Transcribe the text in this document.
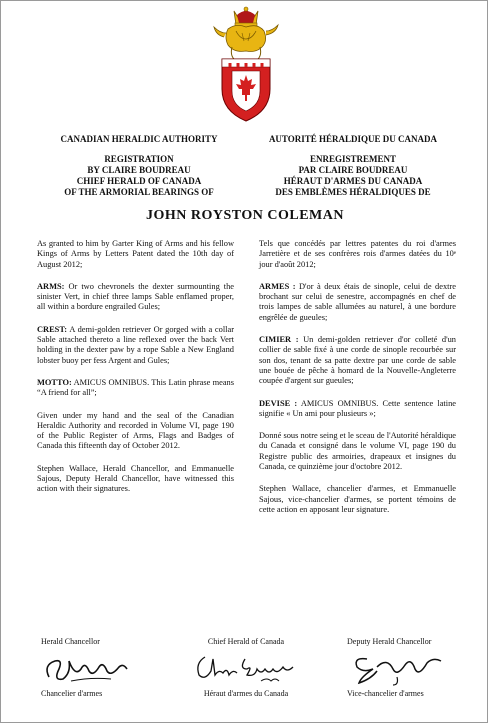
CANADIAN HERALDIC AUTHORITY
REGISTRATION
BY CLAIRE BOUDREAU
CHIEF HERALD OF CANADA
OF THE ARMORIAL BEARINGS OF
AUTORITÉ HÉRALDIQUE DU CANADA
ENREGISTREMENT
PAR CLAIRE BOUDREAU
HÉRAUT D'ARMES DU CANADA
DES EMBLÈMES HÉRALDIQUES DE
JOHN ROYSTON COLEMAN

As granted to him by Garter King of Arms and his fellow Kings of Arms by Letters Patent dated the 10th day of August 2012;

ARMS: Or two chevronels the dexter surmounting the sinister Vert, in chief three lamps Sable enflamed proper, all within a bordure engrailed Gules;

CREST: A demi-golden retriever Or gorged with a collar Sable attached thereto a line reflexed over the back Vert holding in the dexter paw by a rope Sable a New England lobster buoy per fess Argent and Gules;

MOTTO: AMICUS OMNIBUS. This Latin phrase means “A friend for all”;

Given under my hand and the seal of the Canadian Heraldic Authority and recorded in Volume VI, page 190 of the Public Register of Arms, Flags and Badges of Canada this fifteenth day of October 2012.

Stephen Wallace, Herald Chancellor, and Emmanuelle Sajous, Deputy Herald Chancellor, have witnessed this action with their signatures.

Tels que concédés par lettres patentes du roi d'armes Jarretière et de ses confrères rois d'armes datées du 10ᵉ jour d'août 2012;

ARMES : D'or à deux étais de sinople, celui de dextre brochant sur celui de senestre, accompagnés en chef de trois lampes de sable allumées au naturel, à une bordure engrêlée de gueules;

CIMIER : Un demi-golden retriever d'or colleté d'un collier de sable fixé à une corde de sinople recourbée sur son dos, tenant de sa patte dextre par une corde de sable une bouée de pêche à homard de la Nouvelle-Angleterre coupée d'argent sur gueules;

DEVISE : AMICUS OMNIBUS. Cette sentence latine signifie « Un ami pour plusieurs »;

Donné sous notre seing et le sceau de l'Autorité héraldique du Canada et consigné dans le volume VI, page 190 du Registre public des armoiries, drapeaux et insignes du Canada, ce quinzième jour d'octobre 2012.

Stephen Wallace, chancelier d'armes, et Emmanuelle Sajous, vice-chancelier d'armes, se portent témoins de cette action en apposant leur signature.

Herald Chancellor
Chancelier d'armes
Chief Herald of Canada
Héraut d'armes du Canada
Deputy Herald Chancellor
Vice-chancelier d'armes
